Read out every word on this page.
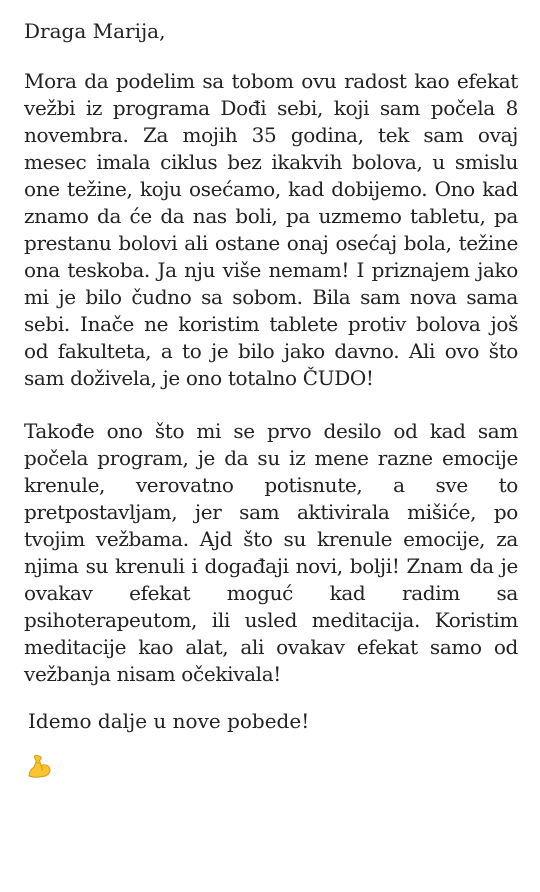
Draga Marija,

Mora da podelim sa tobom ovu radost kao efekat vežbi iz programa Dođi sebi, koji sam počela 8 novembra. Za mojih 35 godina, tek sam ovaj mesec imala ciklus bez ikakvih bolova, u smislu one težine, koju osećamo, kad dobijemo. Ono kad znamo da će da nas boli, pa uzmemo tabletu, pa prestanu bolovi ali ostane onaj osećaj bola, težine ona teskoba. Ja nju više nemam! I priznajem jako mi je bilo čudno sa sobom. Bila sam nova sama sebi. Inače ne koristim tablete protiv bolova još od fakulteta, a to je bilo jako davno. Ali ovo što sam doživela, je ono totalno ČUDO!

Takođe ono što mi se prvo desilo od kad sam počela program, je da su iz mene razne emocije krenule, verovatno potisnute, a sve to pretpostavljam, jer sam aktivirala mišiće, po tvojim vežbama. Ajd što su krenule emocije, za njima su krenuli i događaji novi, bolji! Znam da je ovakav efekat moguć kad radim sa psihoterapeutom, ili usled meditacija. Koristim meditacije kao alat, ali ovakav efekat samo od vežbanja nisam očekivala!

Idemo dalje u nove pobede!
